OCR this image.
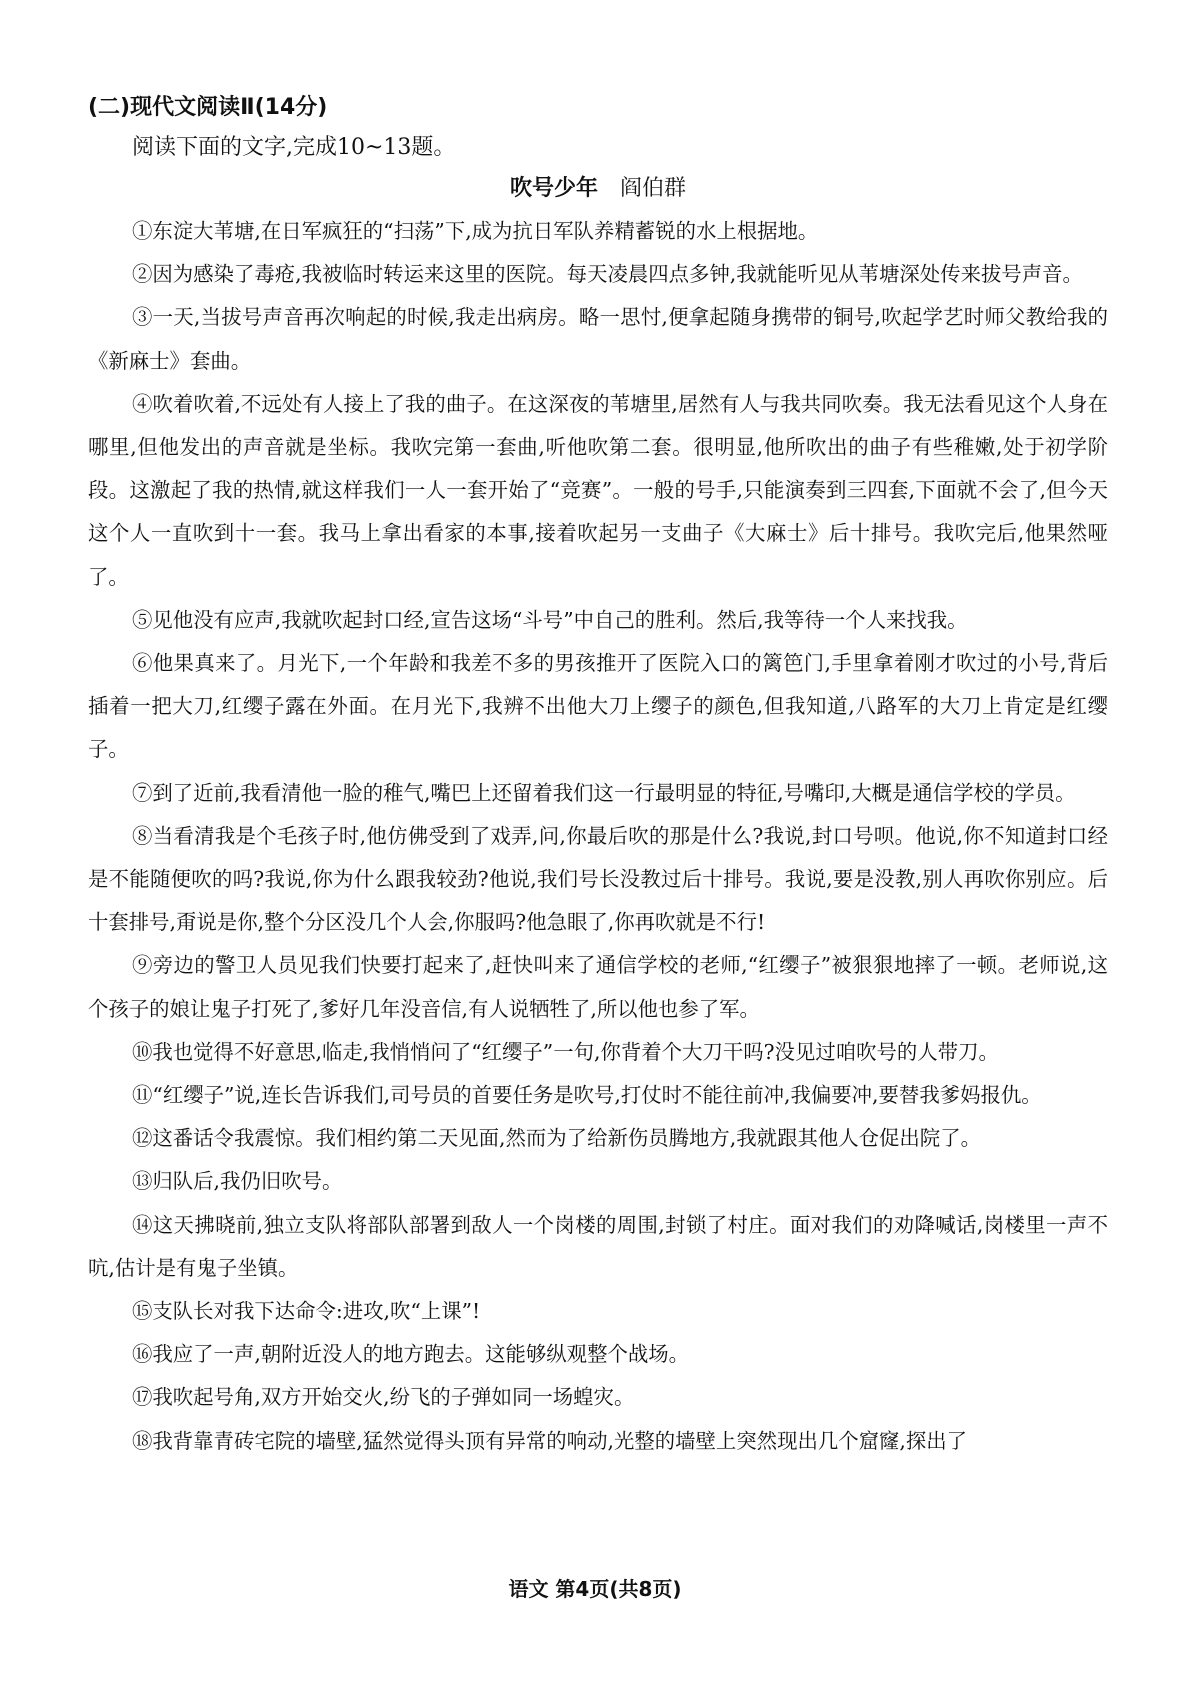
(二)现代文阅读Ⅱ(14分)
阅读下面的文字,完成10~13题。
吹号少年 阎伯群

①东淀大苇塘,在日军疯狂的“扫荡”下,成为抗日军队养精蓄锐的水上根据地。

②因为感染了毒疮,我被临时转运来这里的医院。每天凌晨四点多钟,我就能听见从苇塘深处传来拔号声音。

③一天,当拔号声音再次响起的时候,我走出病房。略一思忖,便拿起随身携带的铜号,吹起学艺时师父教给我的《新麻士》套曲。

④吹着吹着,不远处有人接上了我的曲子。在这深夜的苇塘里,居然有人与我共同吹奏。我无法看见这个人身在哪里,但他发出的声音就是坐标。我吹完第一套曲,听他吹第二套。很明显,他所吹出的曲子有些稚嫩,处于初学阶段。这激起了我的热情,就这样我们一人一套开始了“竞赛”。一般的号手,只能演奏到三四套,下面就不会了,但今天这个人一直吹到十一套。我马上拿出看家的本事,接着吹起另一支曲子《大麻士》后十排号。我吹完后,他果然哑了。

⑤见他没有应声,我就吹起封口经,宣告这场“斗号”中自己的胜利。然后,我等待一个人来找我。

⑥他果真来了。月光下,一个年龄和我差不多的男孩推开了医院入口的篱笆门,手里拿着刚才吹过的小号,背后插着一把大刀,红缨子露在外面。在月光下,我辨不出他大刀上缨子的颜色,但我知道,八路军的大刀上肯定是红缨子。

⑦到了近前,我看清他一脸的稚气,嘴巴上还留着我们这一行最明显的特征,号嘴印,大概是通信学校的学员。

⑧当看清我是个毛孩子时,他仿佛受到了戏弄,问,你最后吹的那是什么?我说,封口号呗。他说,你不知道封口经是不能随便吹的吗?我说,你为什么跟我较劲?他说,我们号长没教过后十排号。我说,要是没教,别人再吹你别应。后十套排号,甭说是你,整个分区没几个人会,你服吗?他急眼了,你再吹就是不行!

⑨旁边的警卫人员见我们快要打起来了,赶快叫来了通信学校的老师,“红缨子”被狠狠地摔了一顿。老师说,这个孩子的娘让鬼子打死了,爹好几年没音信,有人说牺牲了,所以他也参了军。

⑩我也觉得不好意思,临走,我悄悄问了“红缨子”一句,你背着个大刀干吗?没见过咱吹号的人带刀。

⑪“红缨子”说,连长告诉我们,司号员的首要任务是吹号,打仗时不能往前冲,我偏要冲,要替我爹妈报仇。

⑫这番话令我震惊。我们相约第二天见面,然而为了给新伤员腾地方,我就跟其他人仓促出院了。

⑬归队后,我仍旧吹号。

⑭这天拂晓前,独立支队将部队部署到敌人一个岗楼的周围,封锁了村庄。面对我们的劝降喊话,岗楼里一声不吭,估计是有鬼子坐镇。

⑮支队长对我下达命令:进攻,吹“上课”!

⑯我应了一声,朝附近没人的地方跑去。这能够纵观整个战场。

⑰我吹起号角,双方开始交火,纷飞的子弹如同一场蝗灾。

⑱我背靠青砖宅院的墙壁,猛然觉得头顶有异常的响动,光整的墙壁上突然现出几个窟窿,探出了

语文 第4页(共8页)
